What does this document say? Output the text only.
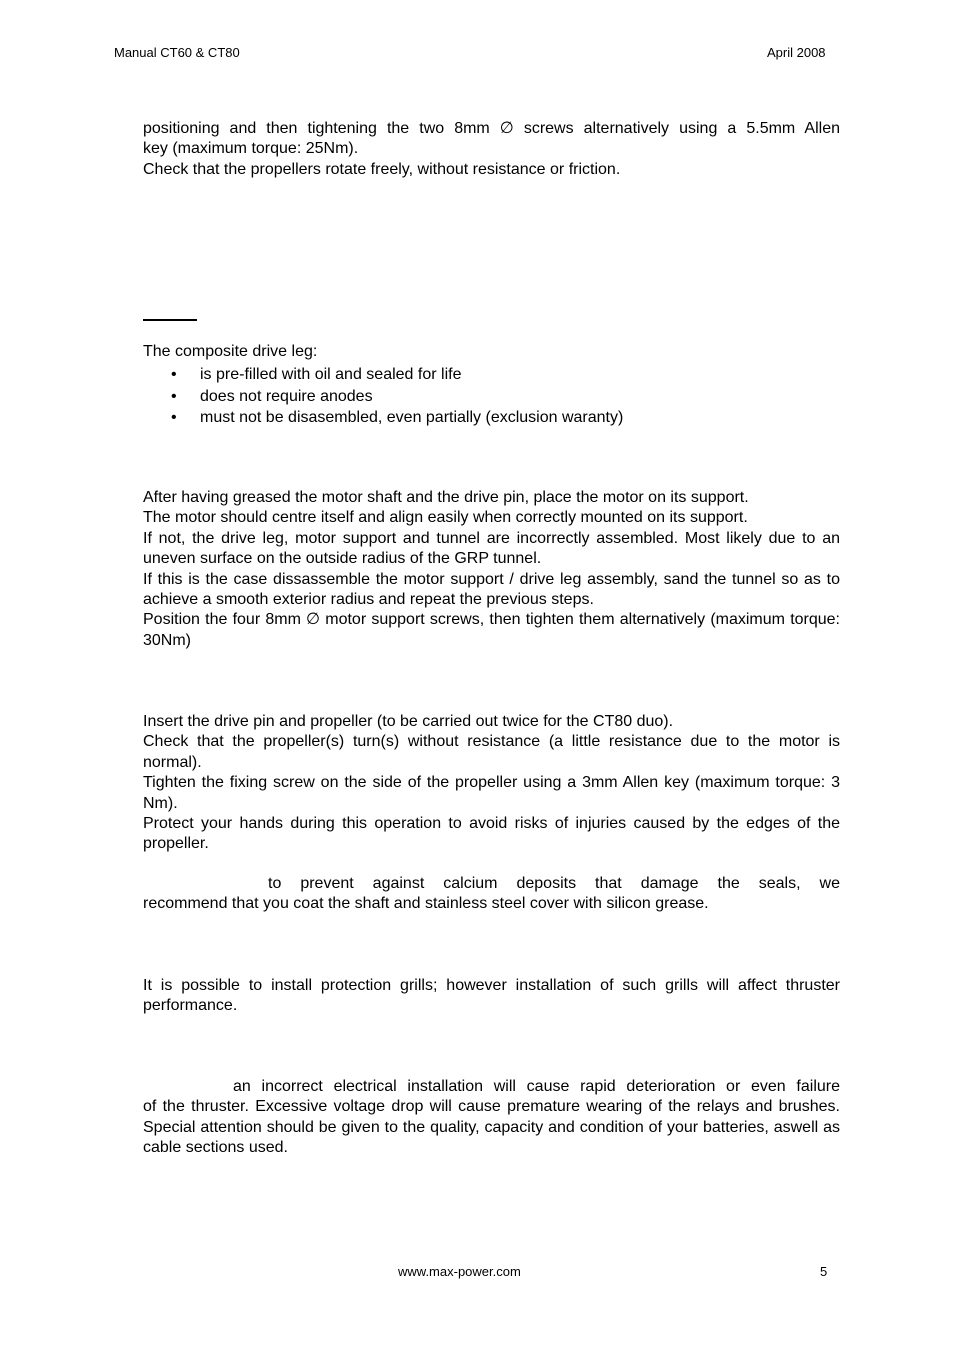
Manual CT60 & CT80	April 2008
positioning and then tightening the two 8mm ∅ screws alternatively using a 5.5mm Allen
key (maximum torque: 25Nm).
Check that the propellers rotate freely, without resistance or friction.
The composite drive leg:
• is pre-filled with oil and sealed for life
• does not require anodes
• must not be disasembled, even partially (exclusion waranty)
After having greased the motor shaft and the drive pin, place the motor on its support.
The motor should centre itself and align easily when correctly mounted on its support.
If not, the drive leg, motor support and tunnel are incorrectly assembled. Most likely due to an uneven surface on the outside radius of the GRP tunnel.
If this is the case dissassemble the motor support / drive leg assembly, sand the tunnel so as to achieve a smooth exterior radius and repeat the previous steps.
Position the four 8mm ∅ motor support screws, then tighten them alternatively (maximum torque: 30Nm)
Insert the drive pin and propeller (to be carried out twice for the CT80 duo).
Check that the propeller(s) turn(s) without resistance (a little resistance due to the motor is normal).
Tighten the fixing screw on the side of the propeller using a 3mm Allen key (maximum torque: 3 Nm).
Protect your hands during this operation to avoid risks of injuries caused by the edges of the propeller.
to prevent against calcium deposits that damage the seals, we
recommend that you coat the shaft and stainless steel cover with silicon grease.
It is possible to install protection grills; however installation of such grills will affect thruster performance.
an incorrect electrical installation will cause rapid deterioration or even failure
of the thruster. Excessive voltage drop will cause premature wearing of the relays and brushes. Special attention should be given to the quality, capacity and condition of your batteries, aswell as cable sections used.
www.max-power.com	5
